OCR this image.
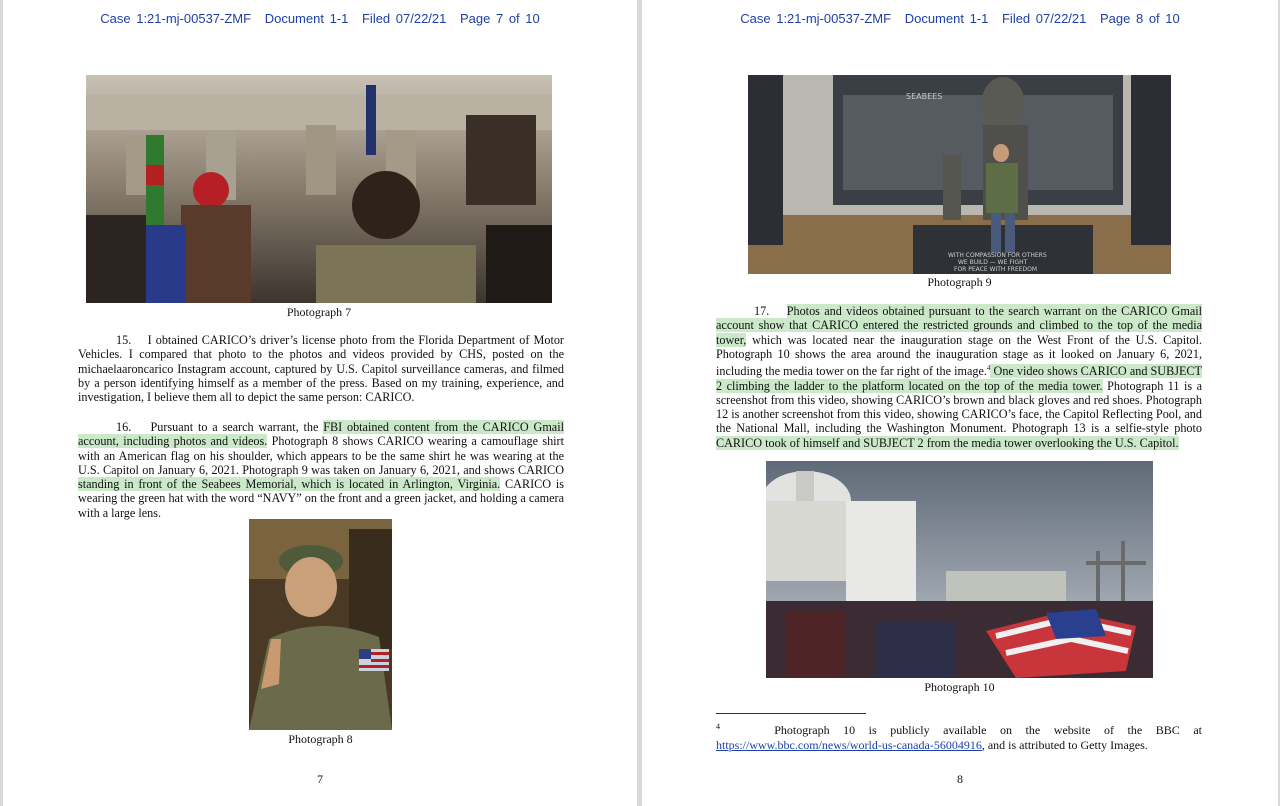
Case 1:21-mj-00537-ZMF Document 1-1 Filed 07/22/21 Page 7 of 10
Photograph 7
15.    I obtained CARICO’s driver’s license photo from the Florida Department of Motor Vehicles. I compared that photo to the photos and videos provided by CHS, posted on the michaelaaroncarico Instagram account, captured by U.S. Capitol surveillance cameras, and filmed by a person identifying himself as a member of the press. Based on my training, experience, and investigation, I believe them all to depict the same person: CARICO.
16.    Pursuant to a search warrant, the FBI obtained content from the CARICO Gmail account, including photos and videos. Photograph 8 shows CARICO wearing a camouflage shirt with an American flag on his shoulder, which appears to be the same shirt he was wearing at the U.S. Capitol on January 6, 2021. Photograph 9 was taken on January 6, 2021, and shows CARICO standing in front of the Seabees Memorial, which is located in Arlington, Virginia. CARICO is wearing the green hat with the word “NAVY” on the front and a green jacket, and holding a camera with a large lens.
Photograph 8
7
Case 1:21-mj-00537-ZMF Document 1-1 Filed 07/22/21 Page 8 of 10
SEABEES
WITH COMPASSION FOR OTHERS
WE BUILD — WE FIGHT
FOR PEACE WITH FREEDOM
Photograph 9
17.    Photos and videos obtained pursuant to the search warrant on the CARICO Gmail account show that CARICO entered the restricted grounds and climbed to the top of the media tower, which was located near the inauguration stage on the West Front of the U.S. Capitol. Photograph 10 shows the area around the inauguration stage as it looked on January 6, 2021, including the media tower on the far right of the image.$^4$ One video shows CARICO and SUBJECT 2 climbing the ladder to the platform located on the top of the media tower. Photograph 11 is a screenshot from this video, showing CARICO’s brown and black gloves and red shoes. Photograph 12 is another screenshot from this video, showing CARICO’s face, the Capitol Reflecting Pool, and the National Mall, including the Washington Monument. Photograph 13 is a selfie-style photo CARICO took of himself and SUBJECT 2 from the media tower overlooking the U.S. Capitol.
Photograph 10
$^4$	Photograph 10 is publicly available on the website of the BBC at https://www.bbc.com/news/world-us-canada-56004916, and is attributed to Getty Images.
8
